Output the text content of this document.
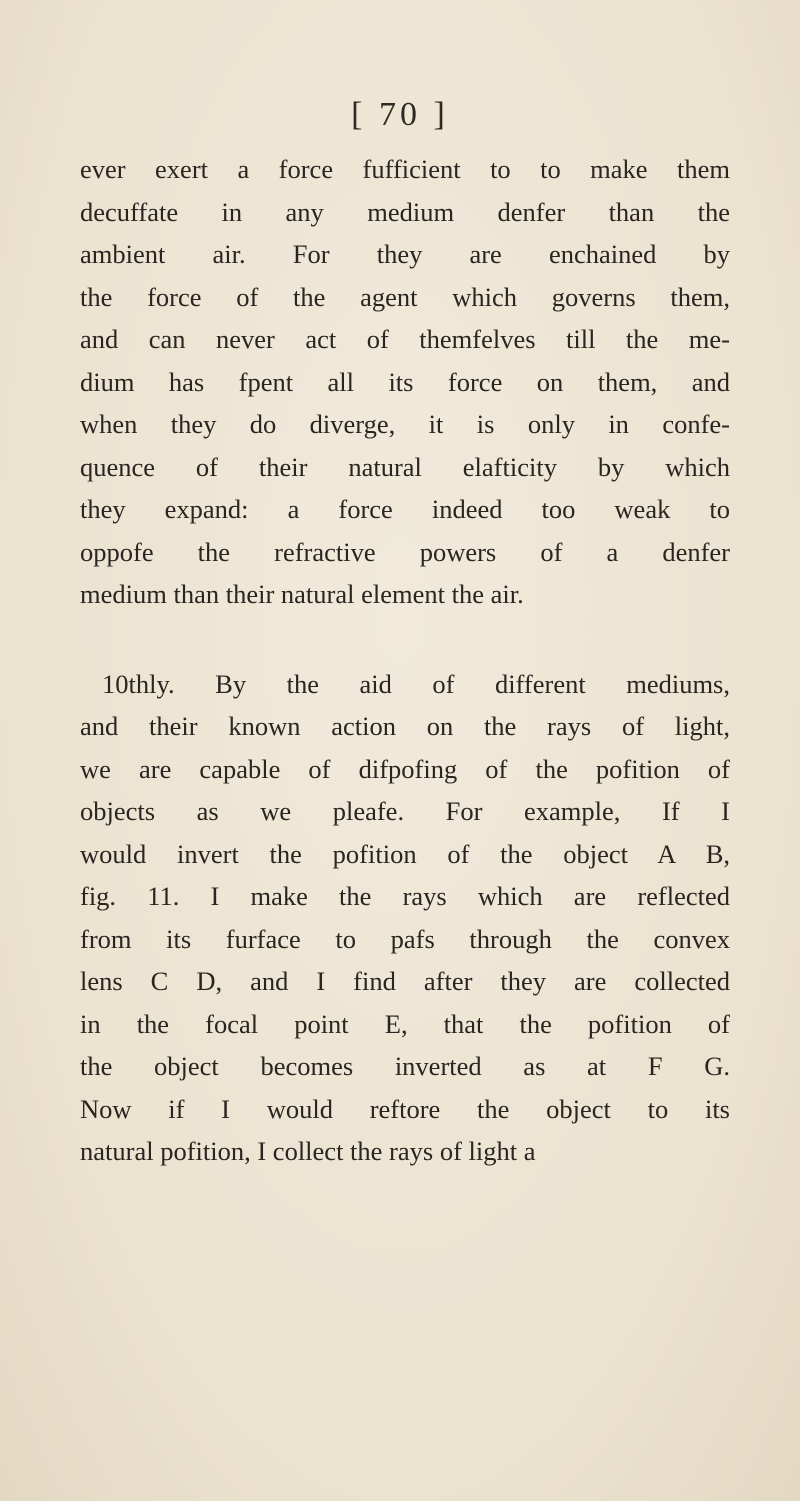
[ 70 ]
ever exert a force fufficient to to make them
decuffate in any medium denfer than the
ambient air. For they are enchained by
the force of the agent which governs them,
and can never act of themfelves till the me-
dium has fpent all its force on them, and
when they do diverge, it is only in confe-
quence of their natural elafticity by which
they expand: a force indeed too weak to
oppofe the refractive powers of a denfer
medium than their natural element the air.
10thly. By the aid of different mediums,
and their known action on the rays of light,
we are capable of difpofing of the pofition of
objects as we pleafe. For example, If I
would invert the pofition of the object A B,
fig. 11. I make the rays which are reflected
from its furface to pafs through the convex
lens C D, and I find after they are collected
in the focal point E, that the pofition of
the object becomes inverted as at F G.
Now if I would reftore the object to its
natural pofition, I collect the rays of light a
